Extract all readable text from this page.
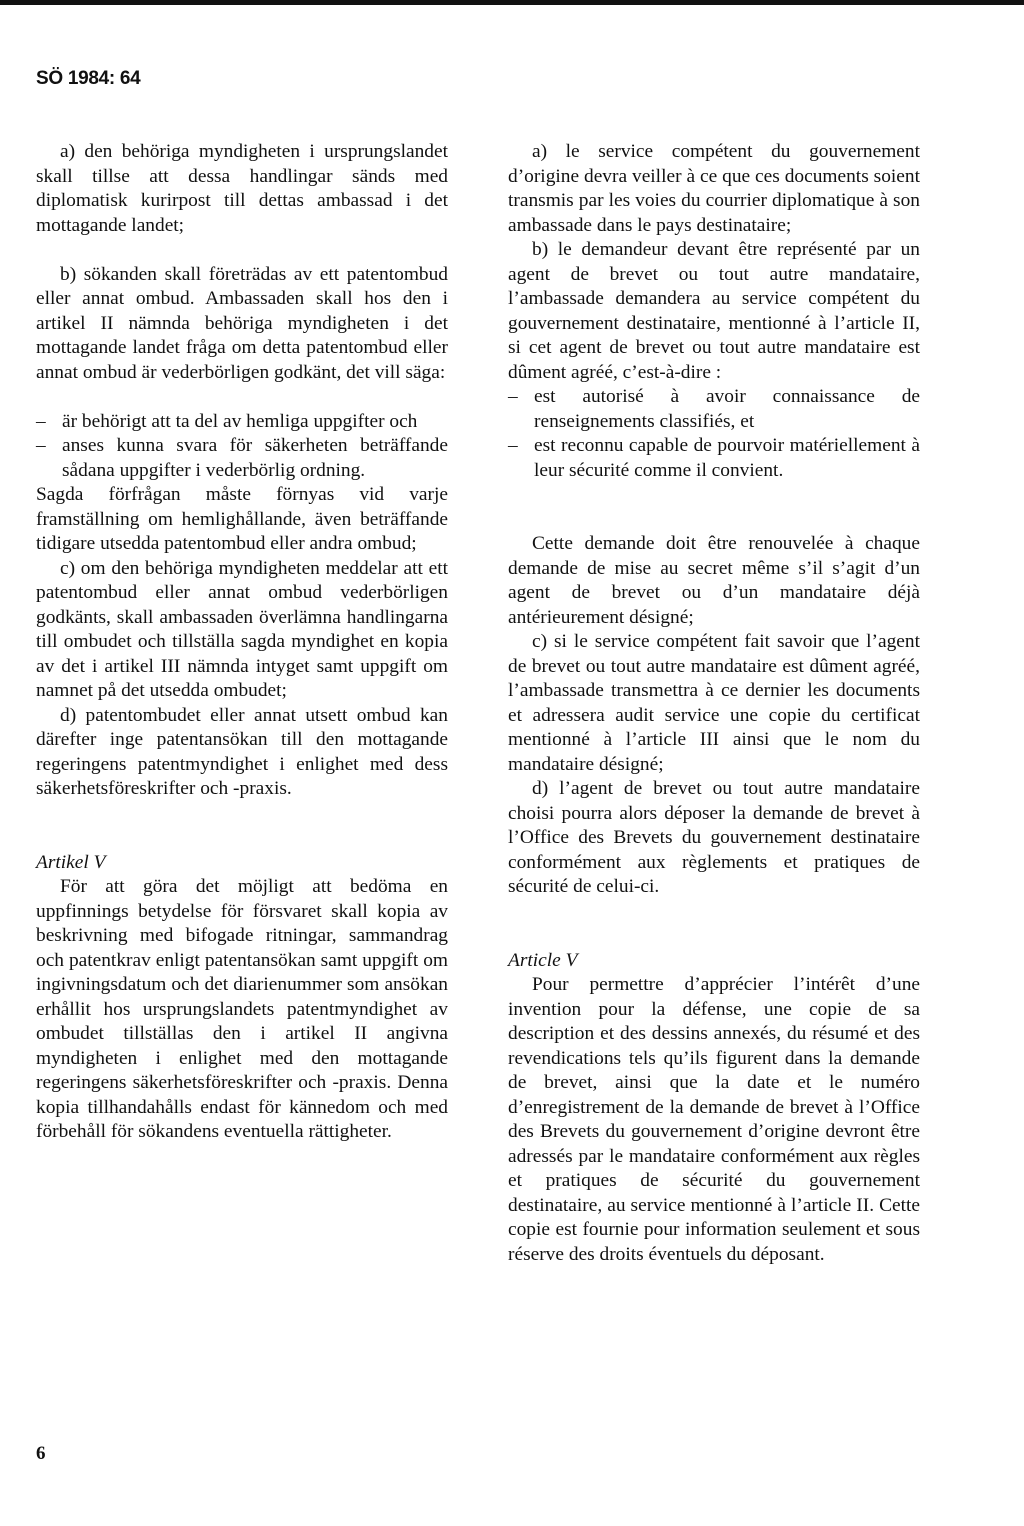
SÖ 1984: 64

a) den behöriga myndigheten i ursprungslandet skall tillse att dessa handlingar sänds med diplomatisk kurirpost till dettas ambassad i det mottagande landet;

b) sökanden skall företrädas av ett patentombud eller annat ombud. Ambassaden skall hos den i artikel II nämnda behöriga myndigheten i det mottagande landet fråga om detta patentombud eller annat ombud är vederbörligen godkänt, det vill säga:

– är behörigt att ta del av hemliga uppgifter och
– anses kunna svara för säkerheten beträffande sådana uppgifter i vederbörlig ordning.

Sagda förfrågan måste förnyas vid varje framställning om hemlighållande, även beträffande tidigare utsedda patentombud eller andra ombud;

c) om den behöriga myndigheten meddelar att ett patentombud eller annat ombud vederbörligen godkänts, skall ambassaden överlämna handlingarna till ombudet och tillställa sagda myndighet en kopia av det i artikel III nämnda intyget samt uppgift om namnet på det utsedda ombudet;

d) patentombudet eller annat utsett ombud kan därefter inge patentansökan till den mottagande regeringens patentmyndighet i enlighet med dess säkerhetsföreskrifter och -praxis.

Artikel V

För att göra det möjligt att bedöma en uppfinnings betydelse för försvaret skall kopia av beskrivning med bifogade ritningar, sammandrag och patentkrav enligt patentansökan samt uppgift om ingivningsdatum och det diarienummer som ansökan erhållit hos ursprungslandets patentmyndighet av ombudet tillställas den i artikel II angivna myndigheten i enlighet med den mottagande regeringens säkerhetsföreskrifter och -praxis. Denna kopia tillhandahålls endast för kännedom och med förbehåll för sökandens eventuella rättigheter.

a) le service compétent du gouvernement d’origine devra veiller à ce que ces documents soient transmis par les voies du courrier diplomatique à son ambassade dans le pays destinataire;

b) le demandeur devant être représenté par un agent de brevet ou tout autre mandataire, l’ambassade demandera au service compétent du gouvernement destinataire, mentionné à l’article II, si cet agent de brevet ou tout autre mandataire est dûment agréé, c’est-à-dire :

– est autorisé à avoir connaissance de renseignements classifiés, et
– est reconnu capable de pourvoir matériellement à leur sécurité comme il convient.

Cette demande doit être renouvelée à chaque demande de mise au secret même s’il s’agit d’un agent de brevet ou d’un mandataire déjà antérieurement désigné;

c) si le service compétent fait savoir que l’agent de brevet ou tout autre mandataire est dûment agréé, l’ambassade transmettra à ce dernier les documents et adressera audit service une copie du certificat mentionné à l’article III ainsi que le nom du mandataire désigné;

d) l’agent de brevet ou tout autre mandataire choisi pourra alors déposer la demande de brevet à l’Office des Brevets du gouvernement destinataire conformément aux règlements et pratiques de sécurité de celui-ci.

Article V

Pour permettre d’apprécier l’intérêt d’une invention pour la défense, une copie de sa description et des dessins annexés, du résumé et des revendications tels qu’ils figurent dans la demande de brevet, ainsi que la date et le numéro d’enregistrement de la demande de brevet à l’Office des Brevets du gouvernement d’origine devront être adressés par le mandataire conformément aux règles et pratiques de sécurité du gouvernement destinataire, au service mentionné à l’article II. Cette copie est fournie pour information seulement et sous réserve des droits éventuels du déposant.

6
